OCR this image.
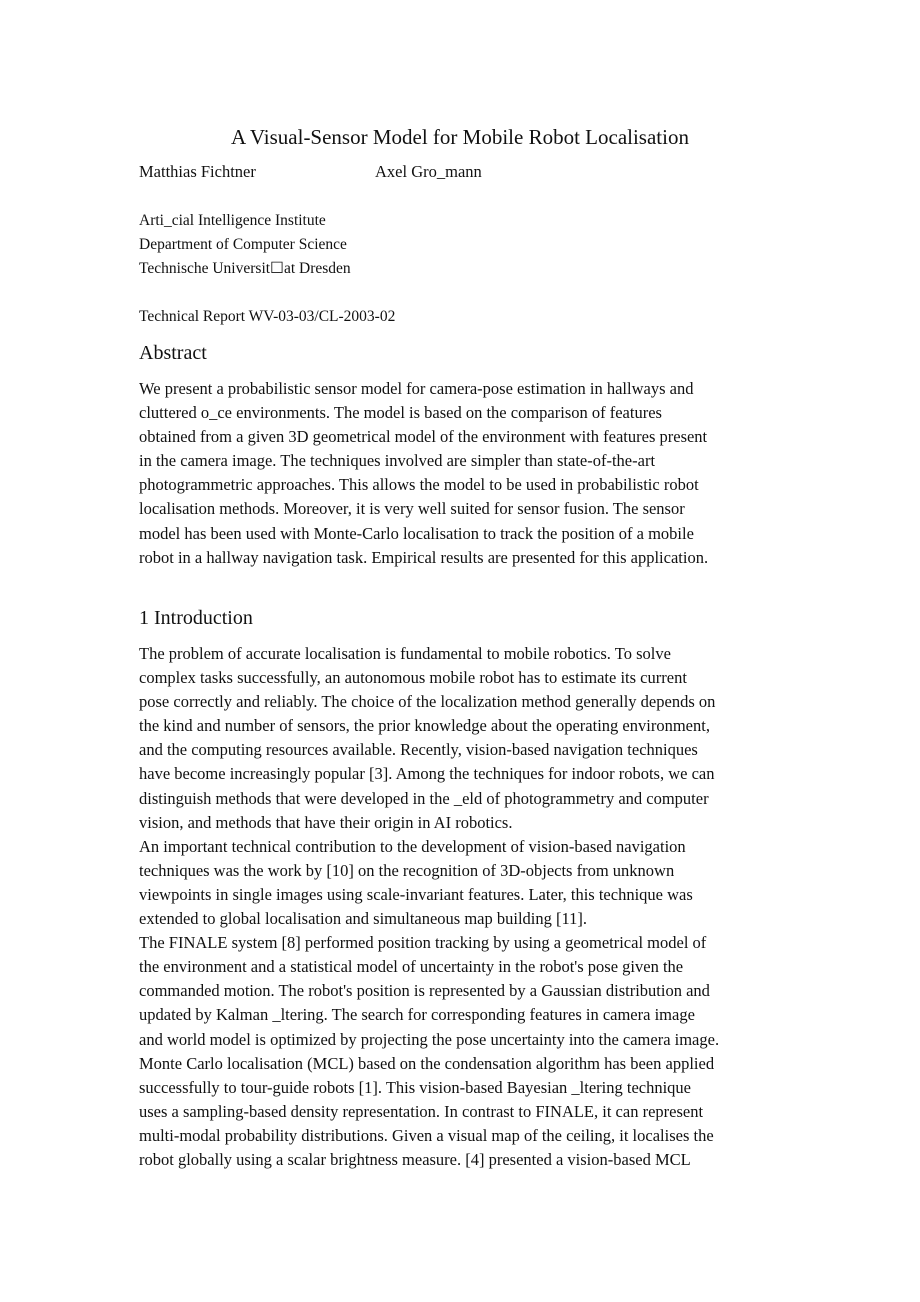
A Visual-Sensor Model for Mobile Robot Localisation
Matthias Fichtner	Axel Gro_mann
Arti_cial Intelligence Institute
Department of Computer Science
Technische Universit☐at Dresden
Technical Report WV-03-03/CL-2003-02
Abstract
We present a probabilistic sensor model for camera-pose estimation in hallways and
cluttered o_ce environments. The model is based on the comparison of features
obtained from a given 3D geometrical model of the environment with features present
in the camera image. The techniques involved are simpler than state-of-the-art
photogrammetric approaches. This allows the model to be used in probabilistic robot
localisation methods. Moreover, it is very well suited for sensor fusion. The sensor
model has been used with Monte-Carlo localisation to track the position of a mobile
robot in a hallway navigation task. Empirical results are presented for this application.
1 Introduction
The problem of accurate localisation is fundamental to mobile robotics. To solve
complex tasks successfully, an autonomous mobile robot has to estimate its current
pose correctly and reliably. The choice of the localization method generally depends on
the kind and number of sensors, the prior knowledge about the operating environment,
and the computing resources available. Recently, vision-based navigation techniques
have become increasingly popular [3]. Among the techniques for indoor robots, we can
distinguish methods that were developed in the _eld of photogrammetry and computer
vision, and methods that have their origin in AI robotics.
An important technical contribution to the development of vision-based navigation
techniques was the work by [10] on the recognition of 3D-objects from unknown
viewpoints in single images using scale-invariant features. Later, this technique was
extended to global localisation and simultaneous map building [11].
The FINALE system [8] performed position tracking by using a geometrical model of
the environment and a statistical model of uncertainty in the robot's pose given the
commanded motion. The robot's position is represented by a Gaussian distribution and
updated by Kalman _ltering. The search for corresponding features in camera image
and world model is optimized by projecting the pose uncertainty into the camera image.
Monte Carlo localisation (MCL) based on the condensation algorithm has been applied
successfully to tour-guide robots [1]. This vision-based Bayesian _ltering technique
uses a sampling-based density representation. In contrast to FINALE, it can represent
multi-modal probability distributions. Given a visual map of the ceiling, it localises the
robot globally using a scalar brightness measure. [4] presented a vision-based MCL
